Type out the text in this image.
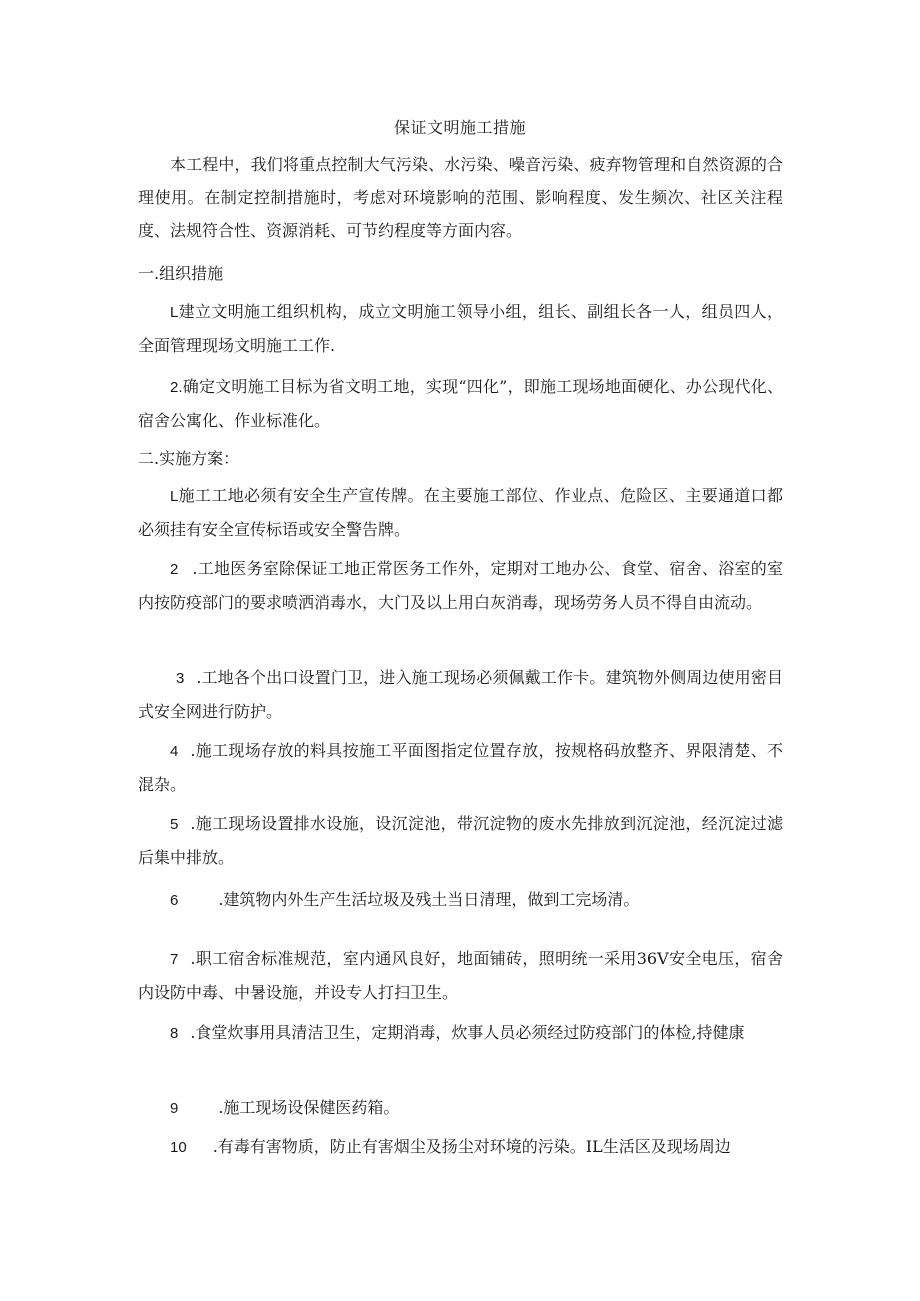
保证文明施工措施
本工程中，我们将重点控制大气污染、水污染、噪音污染、疲弃物管理和自然资源的合理使用。在制定控制措施时，考虑对环境影响的范围、影响程度、发生频次、社区关注程度、法规符合性、资源消耗、可节约程度等方面内容。
一.组织措施
L建立文明施工组织机构，成立文明施工领导小组，组长、副组长各一人，组员四人，全面管理现场文明施工工作.
2.确定文明施工目标为省文明工地，实现“四化”，即施工现场地面硬化、办公现代化、宿舍公寓化、作业标准化。
二.实施方案：
L施工工地必须有安全生产宣传牌。在主要施工部位、作业点、危险区、主要通道口都必须挂有安全宣传标语或安全警告牌。
2 .工地医务室除保证工地正常医务工作外，定期对工地办公、食堂、宿舍、浴室的室内按防疫部门的要求喷洒消毒水，大门及以上用白灰消毒，现场劳务人员不得自由流动。
3 .工地各个出口设置门卫，进入施工现场必须佩戴工作卡。建筑物外侧周边使用密目式安全网进行防护。
4 .施工现场存放的料具按施工平面图指定位置存放，按规格码放整齐、界限清楚、不混杂。
5 .施工现场设置排水设施，设沉淀池，带沉淀物的废水先排放到沉淀池，经沉淀过滤后集中排放。
6	.建筑物内外生产生活垃圾及残土当日清理，做到工完场清。
7 .职工宿舍标准规范，室内通风良好，地面铺砖，照明统一采用36V安全电压，宿舍内设防中毒、中暑设施，并设专人打扫卫生。
8 .食堂炊事用具清洁卫生，定期消毒，炊事人员必须经过防疫部门的体检,持健康
9	.施工现场设保健医药箱。
10 .有毒有害物质，防止有害烟尘及扬尘对环境的污染。IL生活区及现场周边
